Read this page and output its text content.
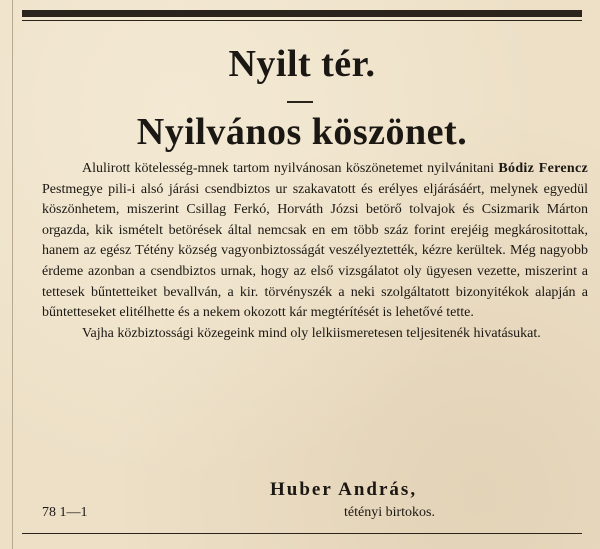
Nyilt tér.
Nyilvános köszönet.

Alulirott kötelesség-mnek tartom nyilvánosan köszönetemet nyilvánitani Bódiz Ferencz Pestmegye pili-i alsó járási csendbiztos ur szakavatott és erélyes eljárásáért, melynek egyedül köszönhetem, miszerint Csillag Ferkó, Horváth Józsi betörő tolvajok és Csizmarik Márton orgazda, kik ismételt betörések által nemcsak en em több száz forint erejéig megkárositottak, hanem az egész Tétény község vagyonbiztosságát veszélyeztették, kézre kerültek. Még nagyobb érdeme azonban a csendbiztos urnak, hogy az első vizsgálatot oly ügyesen vezette, miszerint a tettesek bűntetteiket bevallván, a kir. törvényszék a neki szolgáltatott bizonyitékok alapján a bűntetteseket elitélhette és a nekem okozott kár megtérítését is lehetővé tette.

Vajha közbiztossági közegeink mind oly lelkiismeretesen teljesitenék hivatásukat.

Huber András,

78 1—1	tétényi birtokos.
